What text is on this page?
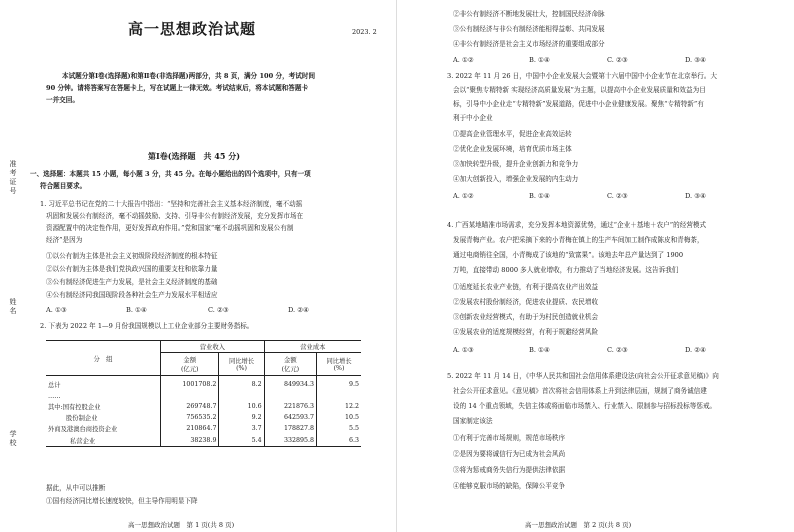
高一思想政治试题	2023. 2
准考证号
姓名
学校
本试题分第Ⅰ卷(选择题)和第Ⅱ卷(非选择题)两部分，共 8 页，满分 100 分，考试时间
90 分钟。请将答案写在答题卡上，写在试题上一律无效。考试结束后，将本试题和答题卡
一并交回。
第Ⅰ卷(选择题　共 45 分)
一、选择题：本题共 15 小题，每小题 3 分，共 45 分。在每小题给出的四个选项中，只有一项
符合题目要求。
1. 习近平总书记在党的二十大报告中指出：“坚持和完善社会主义基本经济制度，毫不动摇
巩固和发展公有制经济，毫不动摇鼓励、支持、引导非公有制经济发展，充分发挥市场在
资源配置中的决定性作用，更好发挥政府作用。”党和国家“毫不动摇巩固和发展公有制
经济”是因为
①以公有制为主体是社会主义初级阶段经济制度的根本特征
②以公有制为主体是我们党执政兴国的重要支柱和依靠力量
③公有制经济促进生产力发展，是社会主义经济制度的基础
④公有制经济同我国现阶段各种社会生产力发展水平相适应
A. ①③	B. ①④	C. ②③	D. ②④
2. 下表为 2022 年 1—9 月份我国规模以上工业企业部分主要财务指标。
分　组	营业收入		营业成本	
	金额
(亿元)	同比增长
(%)	金额
(亿元)	同比增长
(%)
总计	1001708.2	8.2	849934.3	9.5
……				
其中:国有控股企业	269748.7	10.6	221876.3	12.2
股份制企业	756535.2	9.2	642593.7	10.5
外商及港澳台商投资企业	210864.7	3.7	178827.8	5.5
私营企业	38238.9	5.4	332895.8	6.3
据此，从中可以推断
①国有经济同比增长速度较快，但主导作用明显下降
高一思想政治试题　第 1 页(共 8 页)
②非公有制经济不断地发展壮大，控制国民经济命脉
③公有制经济与非公有制经济能相得益彰、共同发展
④非公有制经济是社会主义市场经济的重要组成部分
A. ①②	B. ①④	C. ②③	D. ③④
3. 2022 年 11 月 26 日，中国中小企业发展大会暨第十六届中国中小企业节在北京举行。大
会以“聚焦专精特新 实现经济高质量发展”为主题，以提高中小企业发展质量和效益为目
标，引导中小企业走“专精特新”发展道路，促进中小企业健康发展。聚焦“专精特新”有
利于中小企业
①提高企业管理水平，促进企业高效运转
②优化企业发展环境，培育优质市场主体
③加快转型升级，提升企业创新力和竞争力
④加大创新投入，增强企业发展的内生动力
A. ①②	B. ①④	C. ②③	D. ③④
4. 广西某地瞄准市场需求，充分发挥本地资源优势，通过“企业＋基地＋农户”的经营模式
发展青梅产业。农户把采摘下来的小青梅在镇上的生产车间加工制作成陈皮和青梅茶，
通过电商销往全国，小青梅成了该地的“致富果”。该地去年总产量达到了 1900
万吨，直接带动 8000 多人就业增收，有力推动了当地经济发展。这告诉我们
①适度延长农业产业链，有利于提高农业产出效益
②发展农村股份制经济，促进农业提质、农民增收
③创新农业经营模式，有助于为村民创造就业机会
④发展农业的适度规模经营，有利于规避经营风险
A. ①③	B. ①④	C. ②③	D. ②④
5. 2022 年 11 月 14 日，《中华人民共和国社会信用体系建设法(向社会公开征求意见稿)》向
社会公开征求意见。《意见稿》首次将社会信用体系上升到法律层面，规制了商务诚信建
设的 14 个重点领域，失信主体或将面临市场禁入、行业禁入、限制参与招标投标等惩戒。
国家制定该法
①有利于完善市场规则，规范市场秩序
②是因为要将诚信行为已成为社会风尚
③将为惩戒商务失信行为提供法律依据
④能够克服市场的缺陷，保障公平竞争
高一思想政治试题　第 2 页(共 8 页)
